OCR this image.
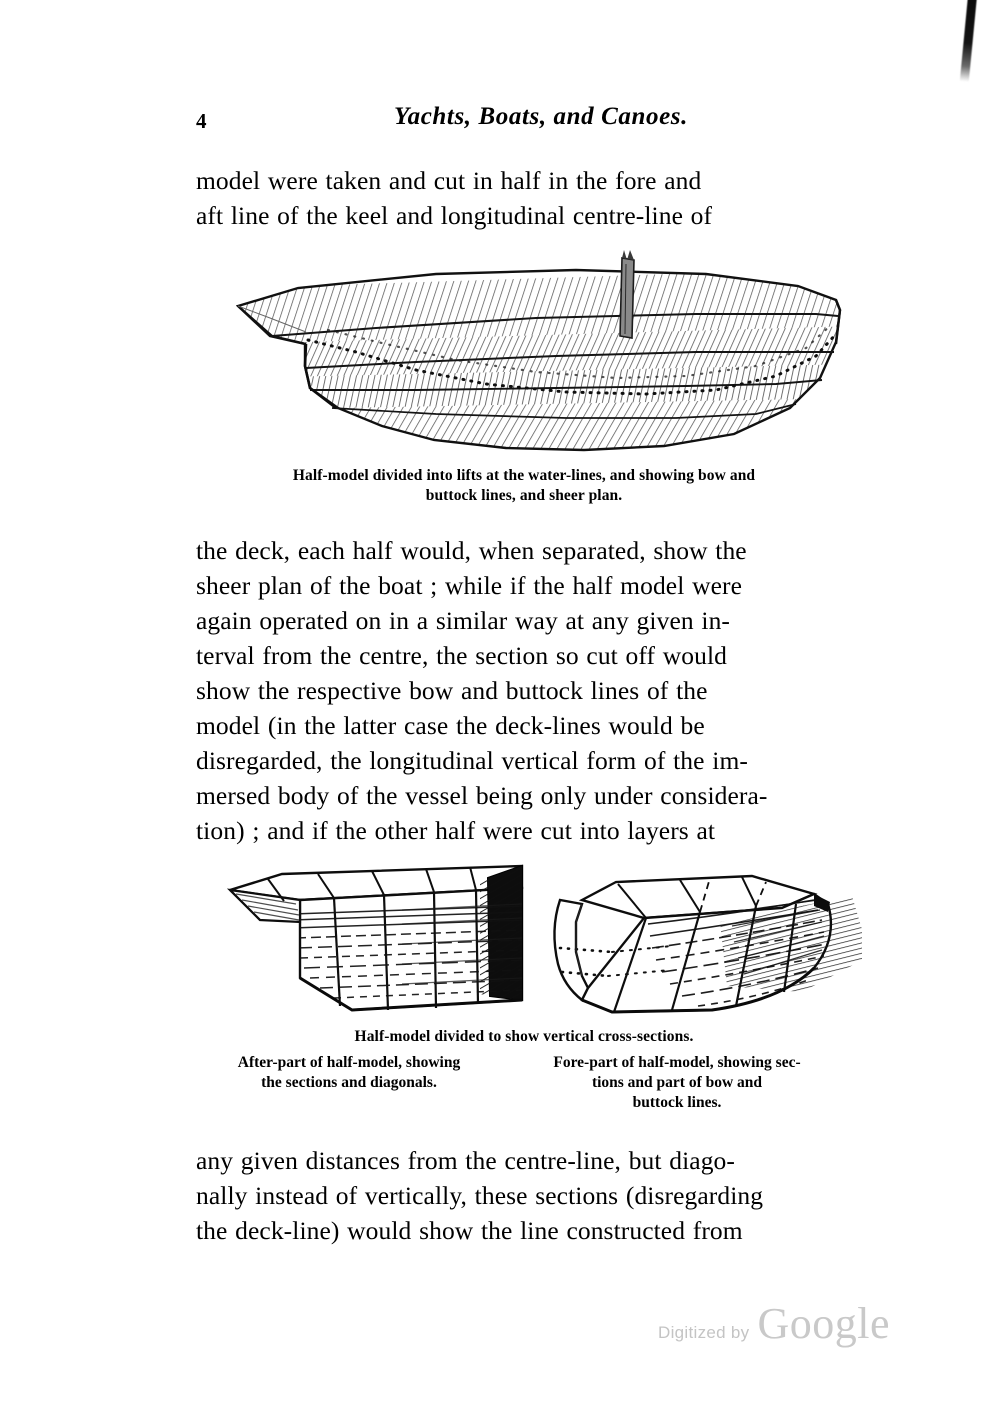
4	Yachts, Boats, and Canoes.
model were taken and cut in half in the fore and
aft line of the keel and longitudinal centre-line of
Half-model divided into lifts at the water-lines, and showing bow and
buttock lines, and sheer plan.
the deck, each half would, when separated, show the
sheer plan of the boat ; while if the half model were
again operated on in a similar way at any given in-
terval from the centre, the section so cut off would
show the respective bow and buttock lines of the
model (in the latter case the deck-lines would be
disregarded, the longitudinal vertical form of the im-
mersed body of the vessel being only under considera-
tion) ; and if the other half were cut into layers at
Half-model divided to show vertical cross-sections.
After-part of half-model, showing
the sections and diagonals.
Fore-part of half-model, showing sec-
tions and part of bow and
buttock lines.
any given distances from the centre-line, but diago-
nally instead of vertically, these sections (disregarding
the deck-line) would show the line constructed from
Digitized by Google
